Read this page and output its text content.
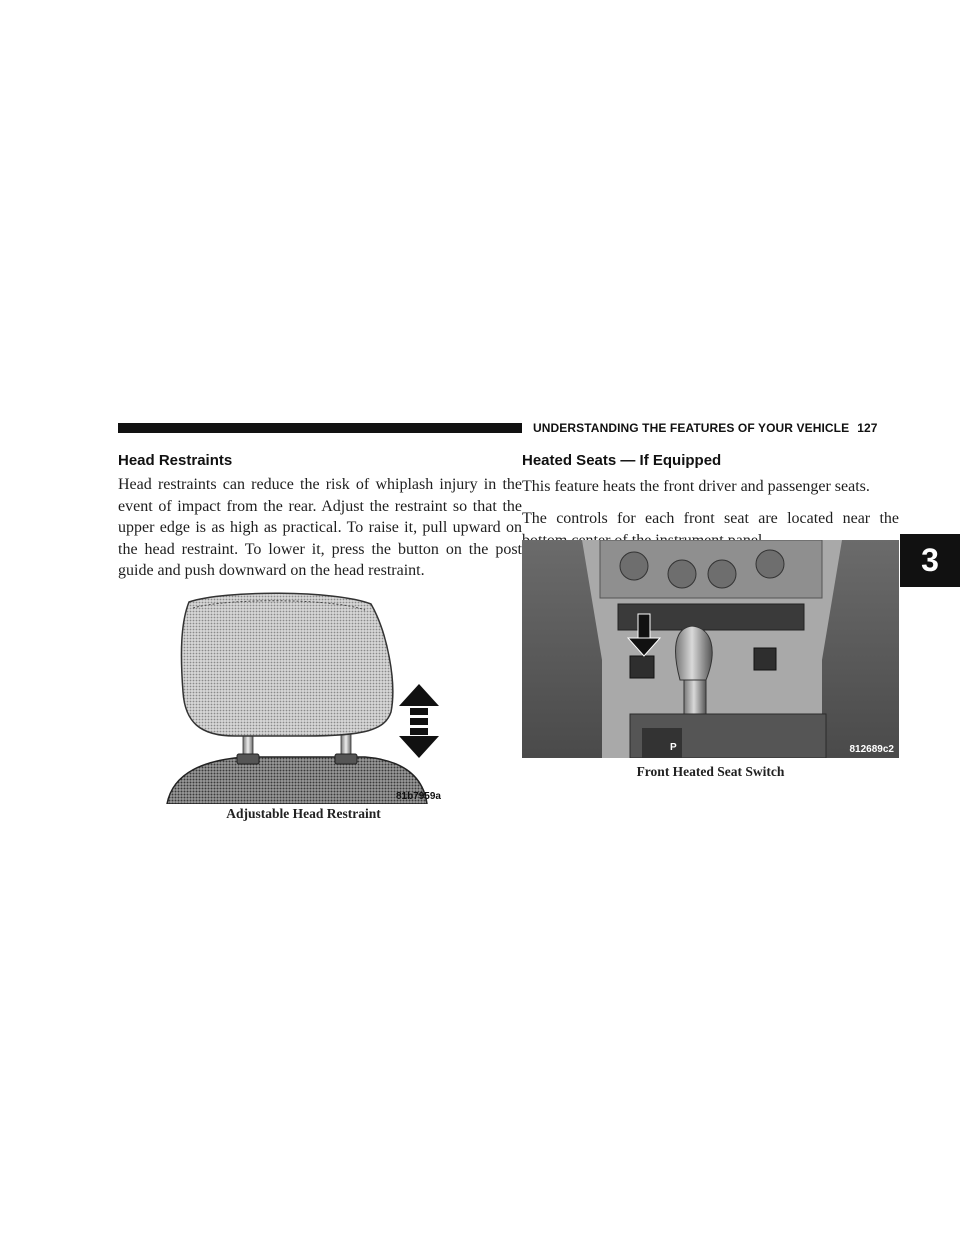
UNDERSTANDING THE FEATURES OF YOUR VEHICLE 127
3
Head Restraints
Head restraints can reduce the risk of whiplash injury in the event of impact from the rear. Adjust the restraint so that the upper edge is as high as practical. To raise it, pull upward on the head restraint. To lower it, press the button on the post guide and push downward on the head restraint.
81b7959a
Adjustable Head Restraint
Heated Seats — If Equipped
This feature heats the front driver and passenger seats.
The controls for each front seat are located near the
P	812689c2
Front Heated Seat Switch
